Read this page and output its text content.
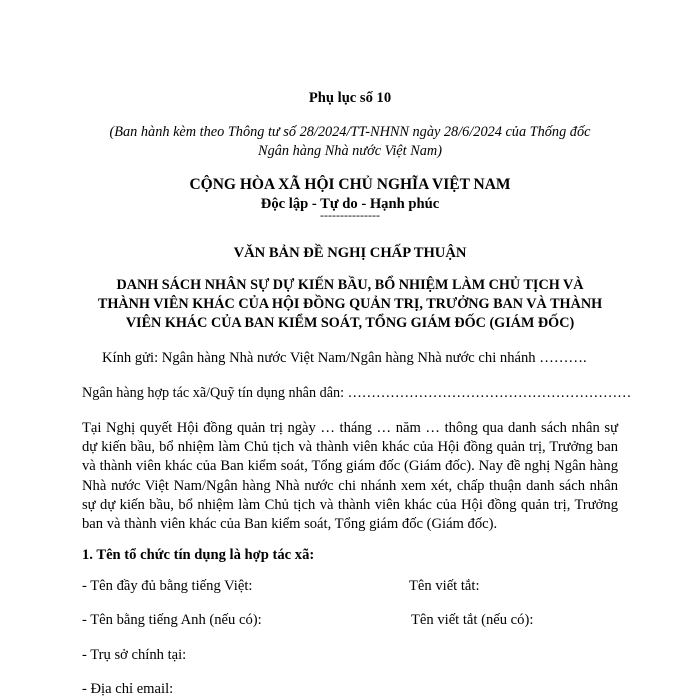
Phụ lục số 10
(Ban hành kèm theo Thông tư số 28/2024/TT-NHNN ngày 28/6/2024 của Thống đốc
Ngân hàng Nhà nước Việt Nam)
CỘNG HÒA XÃ HỘI CHỦ NGHĨA VIỆT NAM
Độc lập - Tự do - Hạnh phúc
---------------
VĂN BẢN ĐỀ NGHỊ CHẤP THUẬN
DANH SÁCH NHÂN SỰ DỰ KIẾN BẦU, BỔ NHIỆM LÀM CHỦ TỊCH VÀ
THÀNH VIÊN KHÁC CỦA HỘI ĐỒNG QUẢN TRỊ, TRƯỞNG BAN VÀ THÀNH
VIÊN KHÁC CỦA BAN KIỂM SOÁT, TỔNG GIÁM ĐỐC (GIÁM ĐỐC)
Kính gửi: Ngân hàng Nhà nước Việt Nam/Ngân hàng Nhà nước chi nhánh ……….
Ngân hàng hợp tác xã/Quỹ tín dụng nhân dân: ……………………………………………………
Tại Nghị quyết Hội đồng quản trị ngày … tháng … năm … thông qua danh sách nhân sự dự kiến bầu, bổ nhiệm làm Chủ tịch và thành viên khác của Hội đồng quản trị, Trưởng ban và thành viên khác của Ban kiểm soát, Tổng giám đốc (Giám đốc). Nay đề nghị Ngân hàng Nhà nước Việt Nam/Ngân hàng Nhà nước chi nhánh xem xét, chấp thuận danh sách nhân sự dự kiến bầu, bổ nhiệm làm Chủ tịch và thành viên khác của Hội đồng quản trị, Trưởng ban và thành viên khác của Ban kiểm soát, Tổng giám đốc (Giám đốc).
1. Tên tổ chức tín dụng là hợp tác xã:
- Tên đầy đủ bằng tiếng Việt:	Tên viết tắt:
- Tên bằng tiếng Anh (nếu có):	Tên viết tắt (nếu có):
- Trụ sở chính tại:
- Địa chỉ email:
